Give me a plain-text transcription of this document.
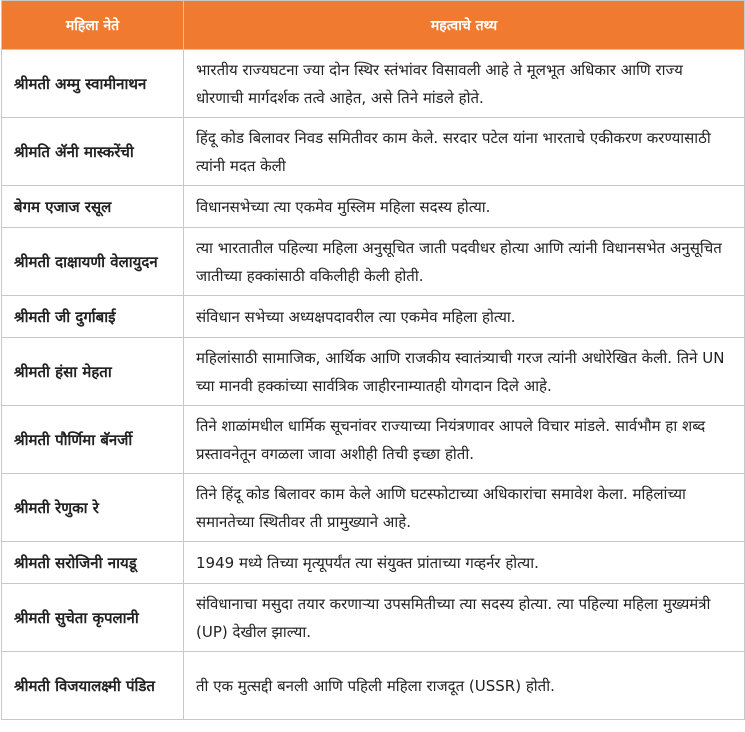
महिला नेते	महत्वाचे तथ्य
श्रीमती अम्मु स्वामीनाथन	भारतीय राज्यघटना ज्या दोन स्थिर स्तंभांवर विसावली आहे ते मूलभूत अधिकार आणि राज्य धोरणाची मार्गदर्शक तत्वे आहेत, असे तिने मांडले होते.
श्रीमति ॲनी मास्करेंची	हिंदू कोड बिलावर निवड समितीवर काम केले. सरदार पटेल यांना भारताचे एकीकरण करण्यासाठी त्यांनी मदत केली
बेगम एजाज रसूल	विधानसभेच्या त्या एकमेव मुस्लिम महिला सदस्य होत्या.
श्रीमती दाक्षायणी वेलायुदन	त्या भारतातील पहिल्या महिला अनुसूचित जाती पदवीधर होत्या आणि त्यांनी विधानसभेत अनुसूचित जातीच्या हक्कांसाठी वकिलीही केली होती.
श्रीमती जी दुर्गाबाई	संविधान सभेच्या अध्यक्षपदावरील त्या एकमेव महिला होत्या.
श्रीमती हंसा मेहता	महिलांसाठी सामाजिक, आर्थिक आणि राजकीय स्वातंत्र्याची गरज त्यांनी अधोरेखित केली. तिने UN च्या मानवी हक्कांच्या सार्वत्रिक जाहीरनाम्यातही योगदान दिले आहे.
श्रीमती पौर्णिमा बॅनर्जी	तिने शाळांमधील धार्मिक सूचनांवर राज्याच्या नियंत्रणावर आपले विचार मांडले. सार्वभौम हा शब्द प्रस्तावनेतून वगळला जावा अशीही तिची इच्छा होती.
श्रीमती रेणुका रे	तिने हिंदू कोड बिलावर काम केले आणि घटस्फोटाच्या अधिकारांचा समावेश केला. महिलांच्या समानतेच्या स्थितीवर ती प्रामुख्याने आहे.
श्रीमती सरोजिनी नायडू	1949 मध्ये तिच्या मृत्यूपर्यंत त्या संयुक्त प्रांताच्या गव्हर्नर होत्या.
श्रीमती सुचेता कृपलानी	संविधानाचा मसुदा तयार करणाऱ्या उपसमितीच्या त्या सदस्य होत्या. त्या पहिल्या महिला मुख्यमंत्री (UP) देखील झाल्या.
श्रीमती विजयालक्ष्मी पंडित	ती एक मुत्सद्दी बनली आणि पहिली महिला राजदूत (USSR) होती.
